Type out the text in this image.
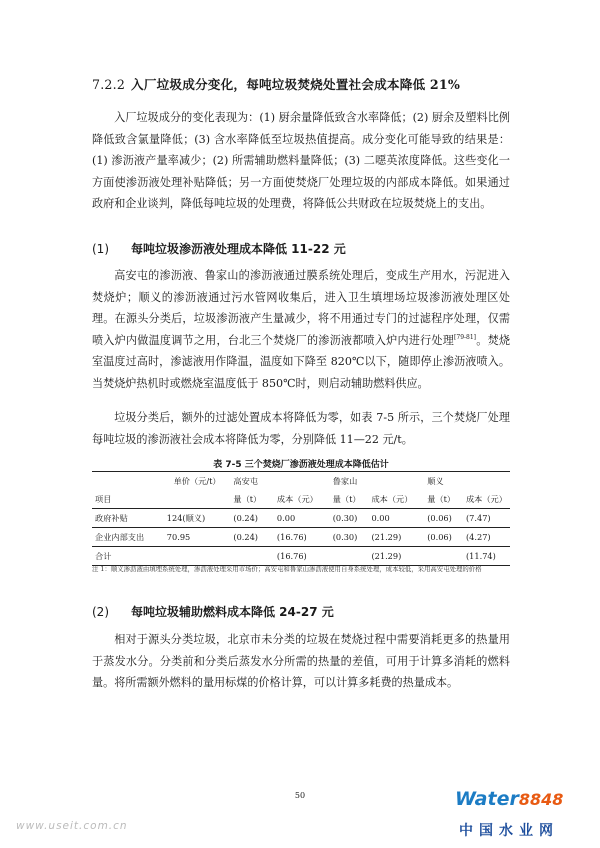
7.2.2 入厂垃圾成分变化，每吨垃圾焚烧处置社会成本降低 21%

入厂垃圾成分的变化表现为：(1) 厨余量降低致含水率降低；(2) 厨余及塑料比例降低致含氯量降低；(3) 含水率降低至垃圾热值提高。成分变化可能导致的结果是：(1) 渗沥液产量率减少；(2) 所需辅助燃料量降低；(3) 二噁英浓度降低。这些变化一方面使渗沥液处理补贴降低；另一方面使焚烧厂处理垃圾的内部成本降低。如果通过政府和企业谈判，降低每吨垃圾的处理费，将降低公共财政在垃圾焚烧上的支出。

(1) 每吨垃圾渗沥液处理成本降低 11-22 元

高安屯的渗沥液、鲁家山的渗沥液通过膜系统处理后，变成生产用水，污泥进入焚烧炉；顺义的渗沥液通过污水管网收集后，进入卫生填埋场垃圾渗沥液处理区处理。在源头分类后，垃圾渗沥液产生量减少，将不用通过专门的过滤程序处理，仅需喷入炉内做温度调节之用，台北三个焚烧厂的渗沥液都喷入炉内进行处理[79-81]。焚烧室温度过高时，渗滤液用作降温，温度如下降至 820℃以下，随即停止渗沥液喷入。当焚烧炉热机时或燃烧室温度低于 850℃时，则启动辅助燃料供应。

垃圾分类后，额外的过滤处置成本将降低为零，如表 7-5 所示，三个焚烧厂处理每吨垃圾的渗沥液社会成本将降低为零，分别降低 11—22 元/t。

表 7-5 三个焚烧厂渗沥液处理成本降低估计
	单价（元/t）	高安屯		鲁家山		顺义	
项目		量（t）	成本（元）	量（t）	成本（元）	量（t）	成本（元）
政府补贴	124(顺义)	(0.24)	0.00	(0.30)	0.00	(0.06)	(7.47)
企业内部支出	70.95	(0.24)	(16.76)	(0.30)	(21.29)	(0.06)	(4.27)
合计			(16.76)		(21.29)		(11.74)
注 1：顺义渗沥液由填埋系统处理，渗沥液处理采用市场价；高安屯和鲁家山渗沥液使用自身系统处理，成本较低，采用高安屯处理的价格
(2) 每吨垃圾辅助燃料成本降低 24-27 元

相对于源头分类垃圾，北京市未分类的垃圾在焚烧过程中需要消耗更多的热量用于蒸发水分。分类前和分类后蒸发水分所需的热量的差值，可用于计算多消耗的燃料量。将所需额外燃料的量用标煤的价格计算，可以计算多耗费的热量成本。

50
www.useit.com.cn
Water8848
中国水业网
